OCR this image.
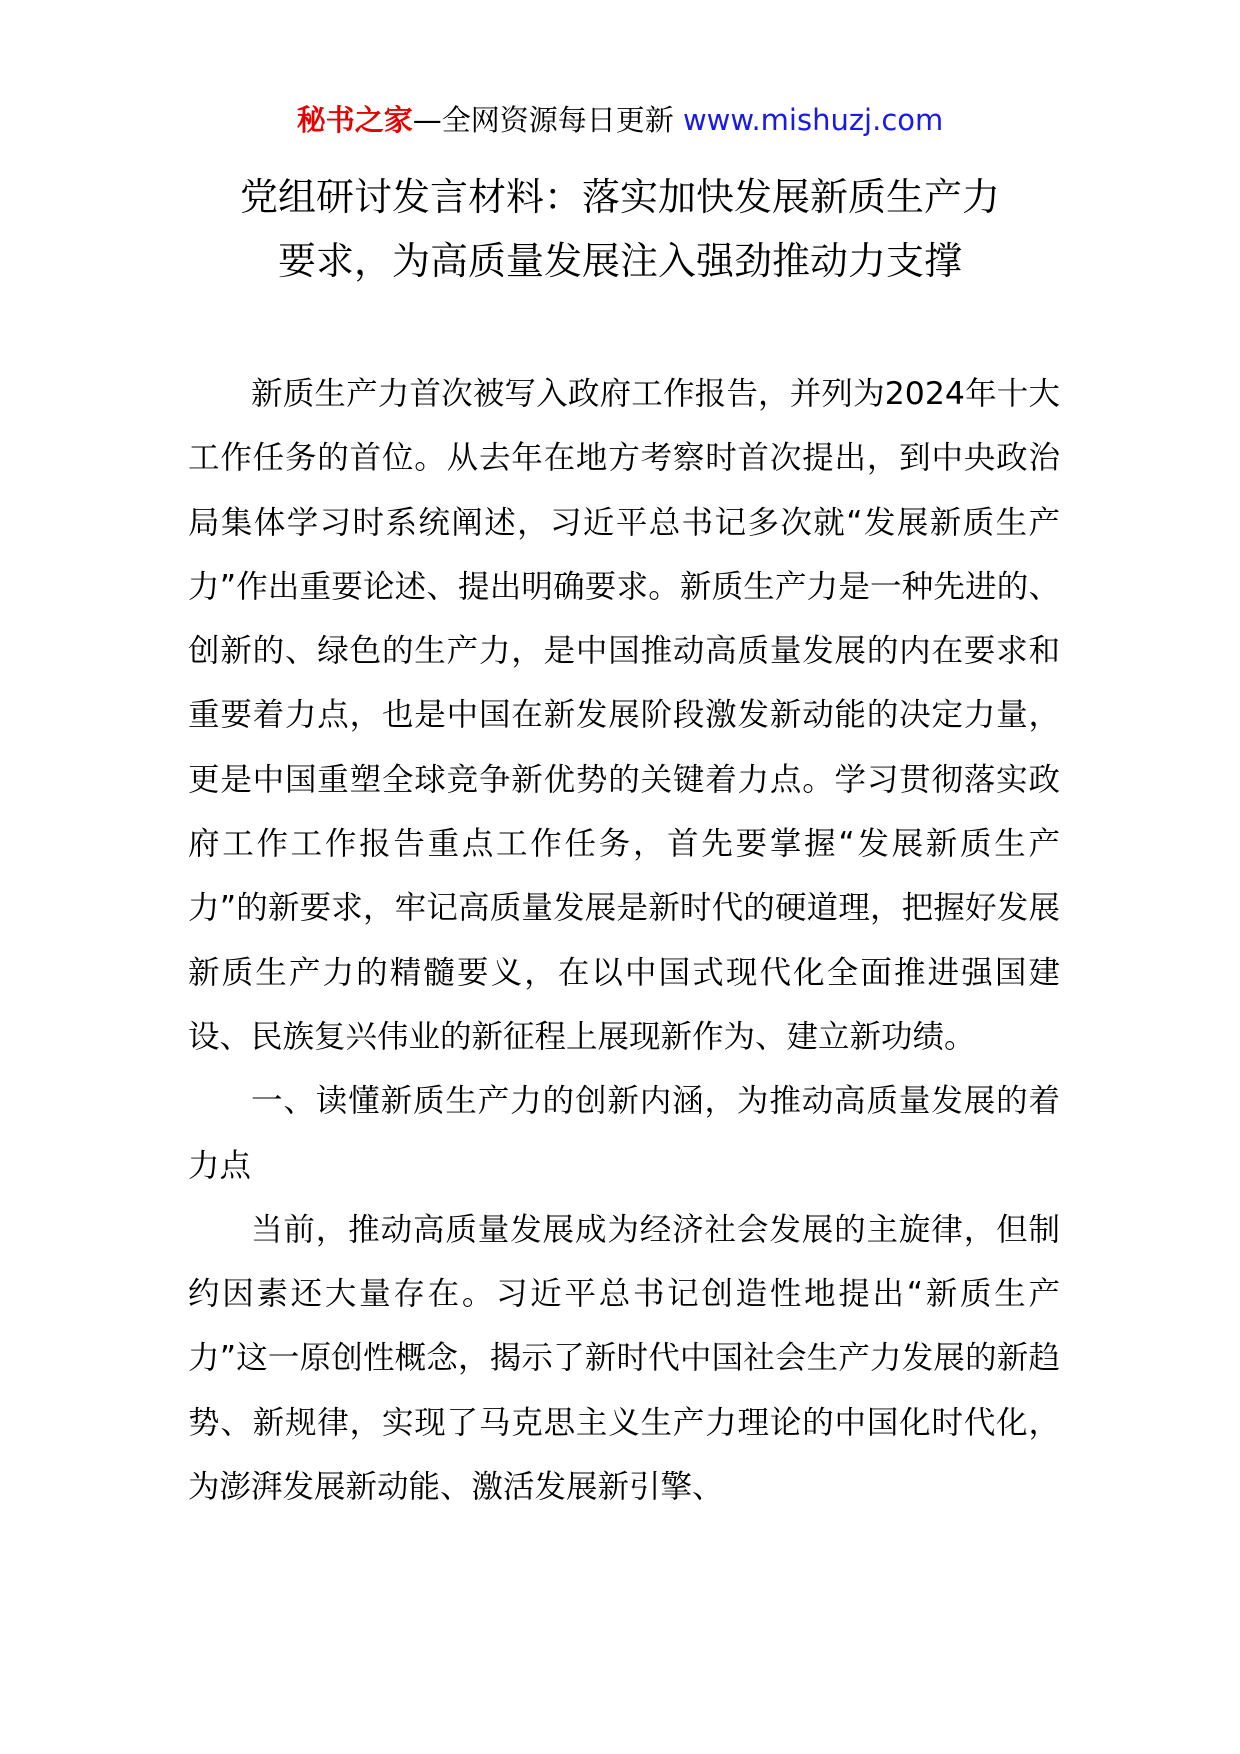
秘书之家—全网资源每日更新 www.mishuzj.com
党组研讨发言材料：落实加快发展新质生产力
要求，为高质量发展注入强劲推动力支撑

新质生产力首次被写入政府工作报告，并列为2024年十大工作任务的首位。从去年在地方考察时首次提出，到中央政治局集体学习时系统阐述，习近平总书记多次就“发展新质生产力”作出重要论述、提出明确要求。新质生产力是一种先进的、创新的、绿色的生产力，是中国推动高质量发展的内在要求和重要着力点，也是中国在新发展阶段激发新动能的决定力量，更是中国重塑全球竞争新优势的关键着力点。学习贯彻落实政府工作工作报告重点工作任务，首先要掌握“发展新质生产力”的新要求，牢记高质量发展是新时代的硬道理，把握好发展新质生产力的精髓要义，在以中国式现代化全面推进强国建设、民族复兴伟业的新征程上展现新作为、建立新功绩。

一、读懂新质生产力的创新内涵，为推动高质量发展的着力点

当前，推动高质量发展成为经济社会发展的主旋律，但制约因素还大量存在。习近平总书记创造性地提出“新质生产力”这一原创性概念，揭示了新时代中国社会生产力发展的新趋势、新规律，实现了马克思主义生产力理论的中国化时代化，为澎湃发展新动能、激活发展新引擎、
